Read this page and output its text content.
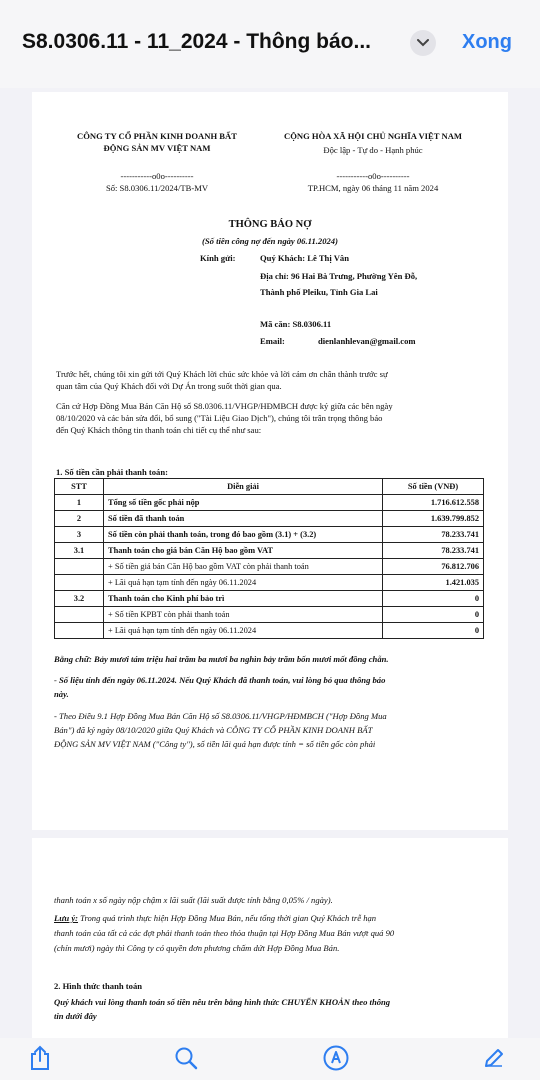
S8.0306.11 - 11_2024 - Thông báo...	Xong
CÔNG TY CỔ PHẦN KINH DOANH BẤT
ĐỘNG SẢN MV VIỆT NAM
CỘNG HÒA XÃ HỘI CHỦ NGHĨA VIỆT NAM
Độc lập - Tự do - Hạnh phúc
-----------o0o----------	-----------o0o----------
Số: S8.0306.11/2024/TB-MV	TP.HCM, ngày 06 tháng 11 năm 2024
THÔNG BÁO NỢ
(Số tiền công nợ đến ngày 06.11.2024)
Kính gửi:	Quý Khách: Lê Thị Vân
Địa chỉ: 96 Hai Bà Trưng, Phường Yên Đỗ,
Thành phố Pleiku, Tỉnh Gia Lai
Mã căn: S8.0306.11
Email:	dienlanhlevan@gmail.com
Trước hết, chúng tôi xin gửi tới Quý Khách lời chúc sức khỏe và lời cảm ơn chân thành trước sự
quan tâm của Quý Khách đối với Dự Án trong suốt thời gian qua.
Căn cứ Hợp Đồng Mua Bán Căn Hộ số S8.0306.11/VHGP/HĐMBCH được ký giữa các bên ngày
08/10/2020 và các bản sửa đổi, bổ sung ("Tài Liệu Giao Dịch"), chúng tôi trân trọng thông báo
đến Quý Khách thông tin thanh toán chi tiết cụ thể như sau:
1. Số tiền cần phải thanh toán:
STT	Diễn giải	Số tiền (VNĐ)
1	Tổng số tiền gốc phải nộp	1.716.612.558
2	Số tiền đã thanh toán	1.639.799.852
3	Số tiền còn phải thanh toán, trong đó bao gồm (3.1) + (3.2)	78.233.741
3.1	Thanh toán cho giá bán Căn Hộ bao gồm VAT	78.233.741
	+ Số tiền giá bán Căn Hộ bao gồm VAT còn phải thanh toán	76.812.706
	+ Lãi quá hạn tạm tính đến ngày 06.11.2024	1.421.035
3.2	Thanh toán cho Kinh phí bảo trì	0
	+ Số tiền KPBT còn phải thanh toán	0
	+ Lãi quá hạn tạm tính đến ngày 06.11.2024	0
Bằng chữ: Bảy mươi tám triệu hai trăm ba mươi ba nghìn bảy trăm bốn mươi mốt đồng chẵn.
- Số liệu tính đến ngày 06.11.2024. Nếu Quý Khách đã thanh toán, vui lòng bỏ qua thông báo
này.
- Theo Điều 9.1 Hợp Đồng Mua Bán Căn Hộ số S8.0306.11/VHGP/HĐMBCH ("Hợp Đồng Mua
Bán") đã ký ngày 08/10/2020 giữa Quý Khách và CÔNG TY CỔ PHẦN KINH DOANH BẤT
ĐỘNG SẢN MV VIỆT NAM ("Công ty"), số tiền lãi quá hạn được tính = số tiền gốc còn phải
thanh toán x số ngày nộp chậm x lãi suất (lãi suất được tính bằng 0,05% / ngày).
Lưu ý: Trong quá trình thực hiện Hợp Đồng Mua Bán, nếu tổng thời gian Quý Khách trễ hạn
thanh toán của tất cả các đợt phải thanh toán theo thỏa thuận tại Hợp Đồng Mua Bán vượt quá 90
(chín mươi) ngày thì Công ty có quyền đơn phương chấm dứt Hợp Đồng Mua Bán.
2. Hình thức thanh toán
Quý khách vui lòng thanh toán số tiền nêu trên bằng hình thức CHUYỂN KHOẢN theo thông
tin dưới đây
